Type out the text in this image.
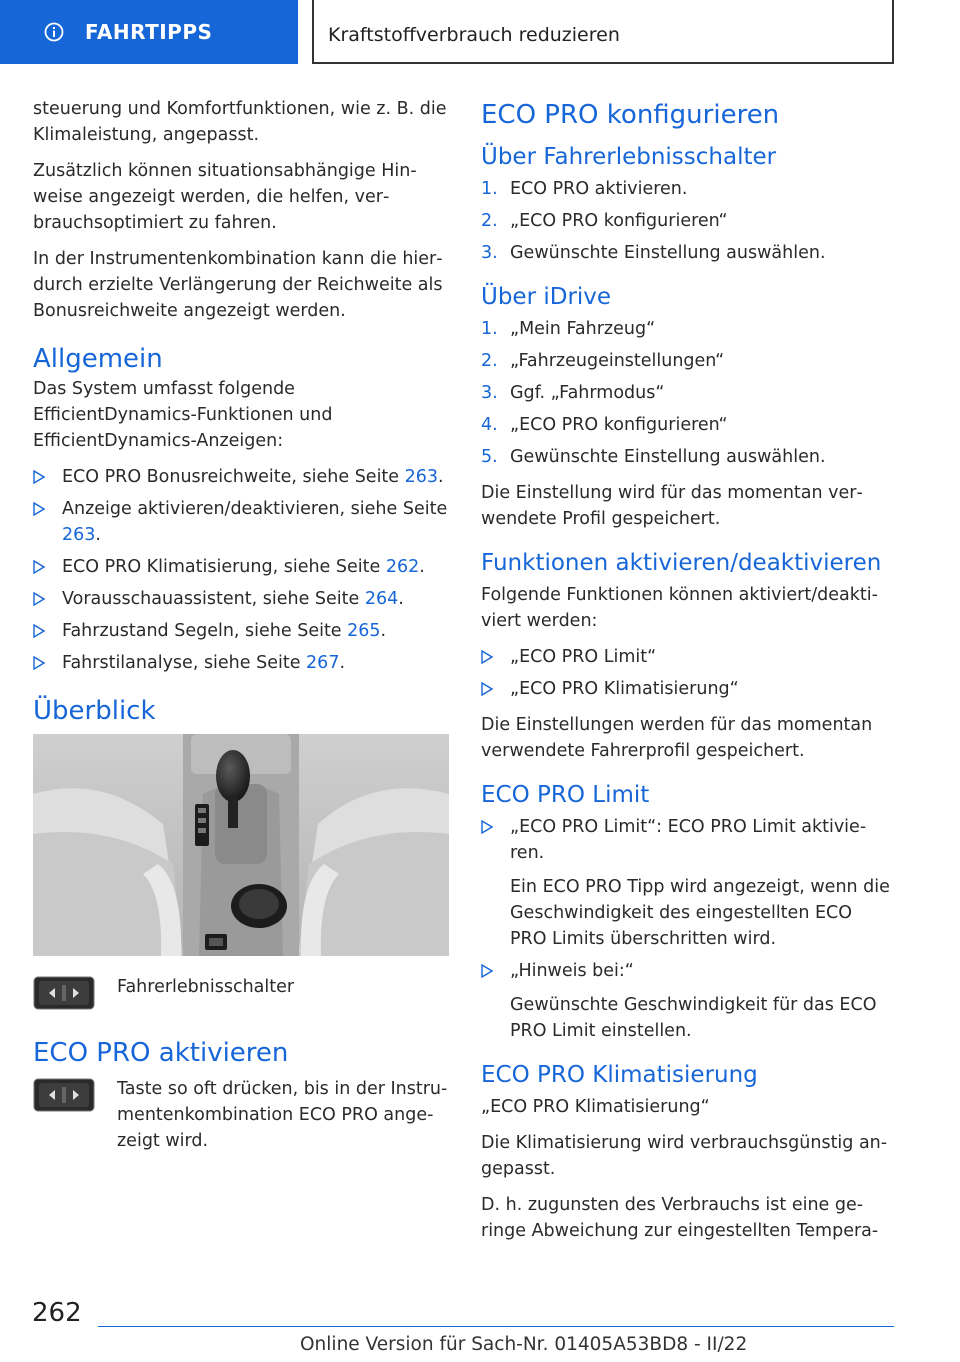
FAHRTIPPS	Kraftstoffverbrauch reduzieren

steuerung und Komfortfunktionen, wie z. B. die Klimaleistung, angepasst.

Zusätzlich können situationsabhängige Hinweise angezeigt werden, die helfen, verbrauchsoptimiert zu fahren.

In der Instrumentenkombination kann die hierdurch erzielte Verlängerung der Reichweite als Bonusreichweite angezeigt werden.

Allgemein

Das System umfasst folgende EfficientDynamics-Funktionen und EfficientDynamics-Anzeigen:

ECO PRO Bonusreichweite, siehe Seite 263.
Anzeige aktivieren/deaktivieren, siehe Seite 263.
ECO PRO Klimatisierung, siehe Seite 262.
Vorausschauassistent, siehe Seite 264.
Fahrzustand Segeln, siehe Seite 265.
Fahrstilanalyse, siehe Seite 267.
Überblick
Fahrerlebnisschalter
ECO PRO aktivieren
Taste so oft drücken, bis in der Instrumentenkombination ECO PRO angezeigt wird.
ECO PRO konfigurieren
Über Fahrerlebnisschalter
1. ECO PRO aktivieren.
2. „ECO PRO konfigurieren“
3. Gewünschte Einstellung auswählen.
Über iDrive
1. „Mein Fahrzeug“
2. „Fahrzeugeinstellungen“
3. Ggf. „Fahrmodus“
4. „ECO PRO konfigurieren“
5. Gewünschte Einstellung auswählen.

Die Einstellung wird für das momentan verwendete Profil gespeichert.

Funktionen aktivieren/deaktivieren

Folgende Funktionen können aktiviert/deaktiviert werden:

„ECO PRO Limit“
„ECO PRO Klimatisierung“

Die Einstellungen werden für das momentan verwendete Fahrerprofil gespeichert.

ECO PRO Limit
„ECO PRO Limit“: ECO PRO Limit aktivieren.
Ein ECO PRO Tipp wird angezeigt, wenn die Geschwindigkeit des eingestellten ECO PRO Limits überschritten wird.
„Hinweis bei:“
Gewünschte Geschwindigkeit für das ECO PRO Limit einstellen.
ECO PRO Klimatisierung

„ECO PRO Klimatisierung“

Die Klimatisierung wird verbrauchsgünstig angepasst.

D. h. zugunsten des Verbrauchs ist eine geringe Abweichung zur eingestellten Tempera-

262
Online Version für Sach-Nr. 01405A53BD8 - II/22
